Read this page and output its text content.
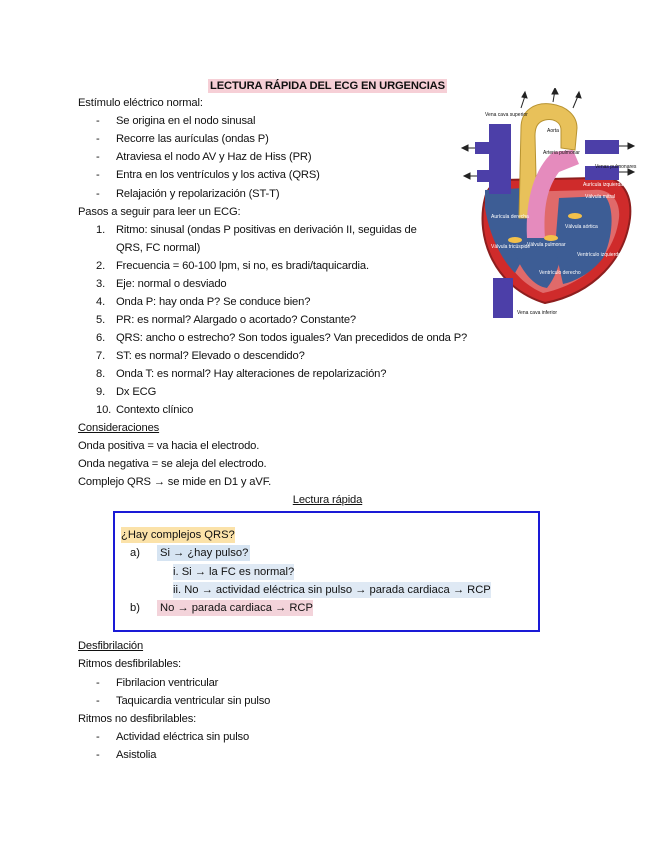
LECTURA RÁPIDA DEL ECG EN URGENCIAS
Estímulo eléctrico normal:
- Se origina en el nodo sinusal
- Recorre las aurículas (ondas P)
- Atraviesa el nodo AV y Haz de Hiss (PR)
- Entra en los ventrículos y los activa (QRS)
- Relajación y repolarización (ST-T)
Pasos a seguir para leer un ECG:
1. Ritmo: sinusal (ondas P positivas en derivación II, seguidas de
QRS, FC normal)
2. Frecuencia = 60-100 lpm, si no, es bradi/taquicardia.
3. Eje: normal o desviado
4. Onda P: hay onda P? Se conduce bien?
5. PR: es normal? Alargado o acortado? Constante?
6. QRS: ancho o estrecho? Son todos iguales? Van precedidos de onda P?
7. ST: es normal? Elevado o descendido?
8. Onda T: es normal? Hay alteraciones de repolarización?
9. Dx ECG
10. Contexto clínico
Consideraciones
Onda positiva = va hacia el electrodo.
Onda negativa = se aleja del electrodo.
Complejo QRS → se mide en D1 y aVF.
Lectura rápida
¿Hay complejos QRS?
a) Si → ¿hay pulso?
i. Si → la FC es normal?
ii. No → actividad eléctrica sin pulso → parada cardiaca → RCP
b) No → parada cardiaca → RCP
Desfibrilación
Ritmos desfibrilables:
- Fibrilacion ventricular
- Taquicardia ventricular sin pulso
Ritmos no desfibrilables:
- Actividad eléctrica sin pulso
- Asistolia
Vena cava superior
Aorta
Arteria pulmonar
Venas pulmonares
Aurícula izquierda
Válvula mitral
Aurícula derecha
Válvula aórtica
Válvula pulmonar
Válvula tricúspide
Ventrículo izquierdo
Ventrículo derecho
Vena cava inferior
